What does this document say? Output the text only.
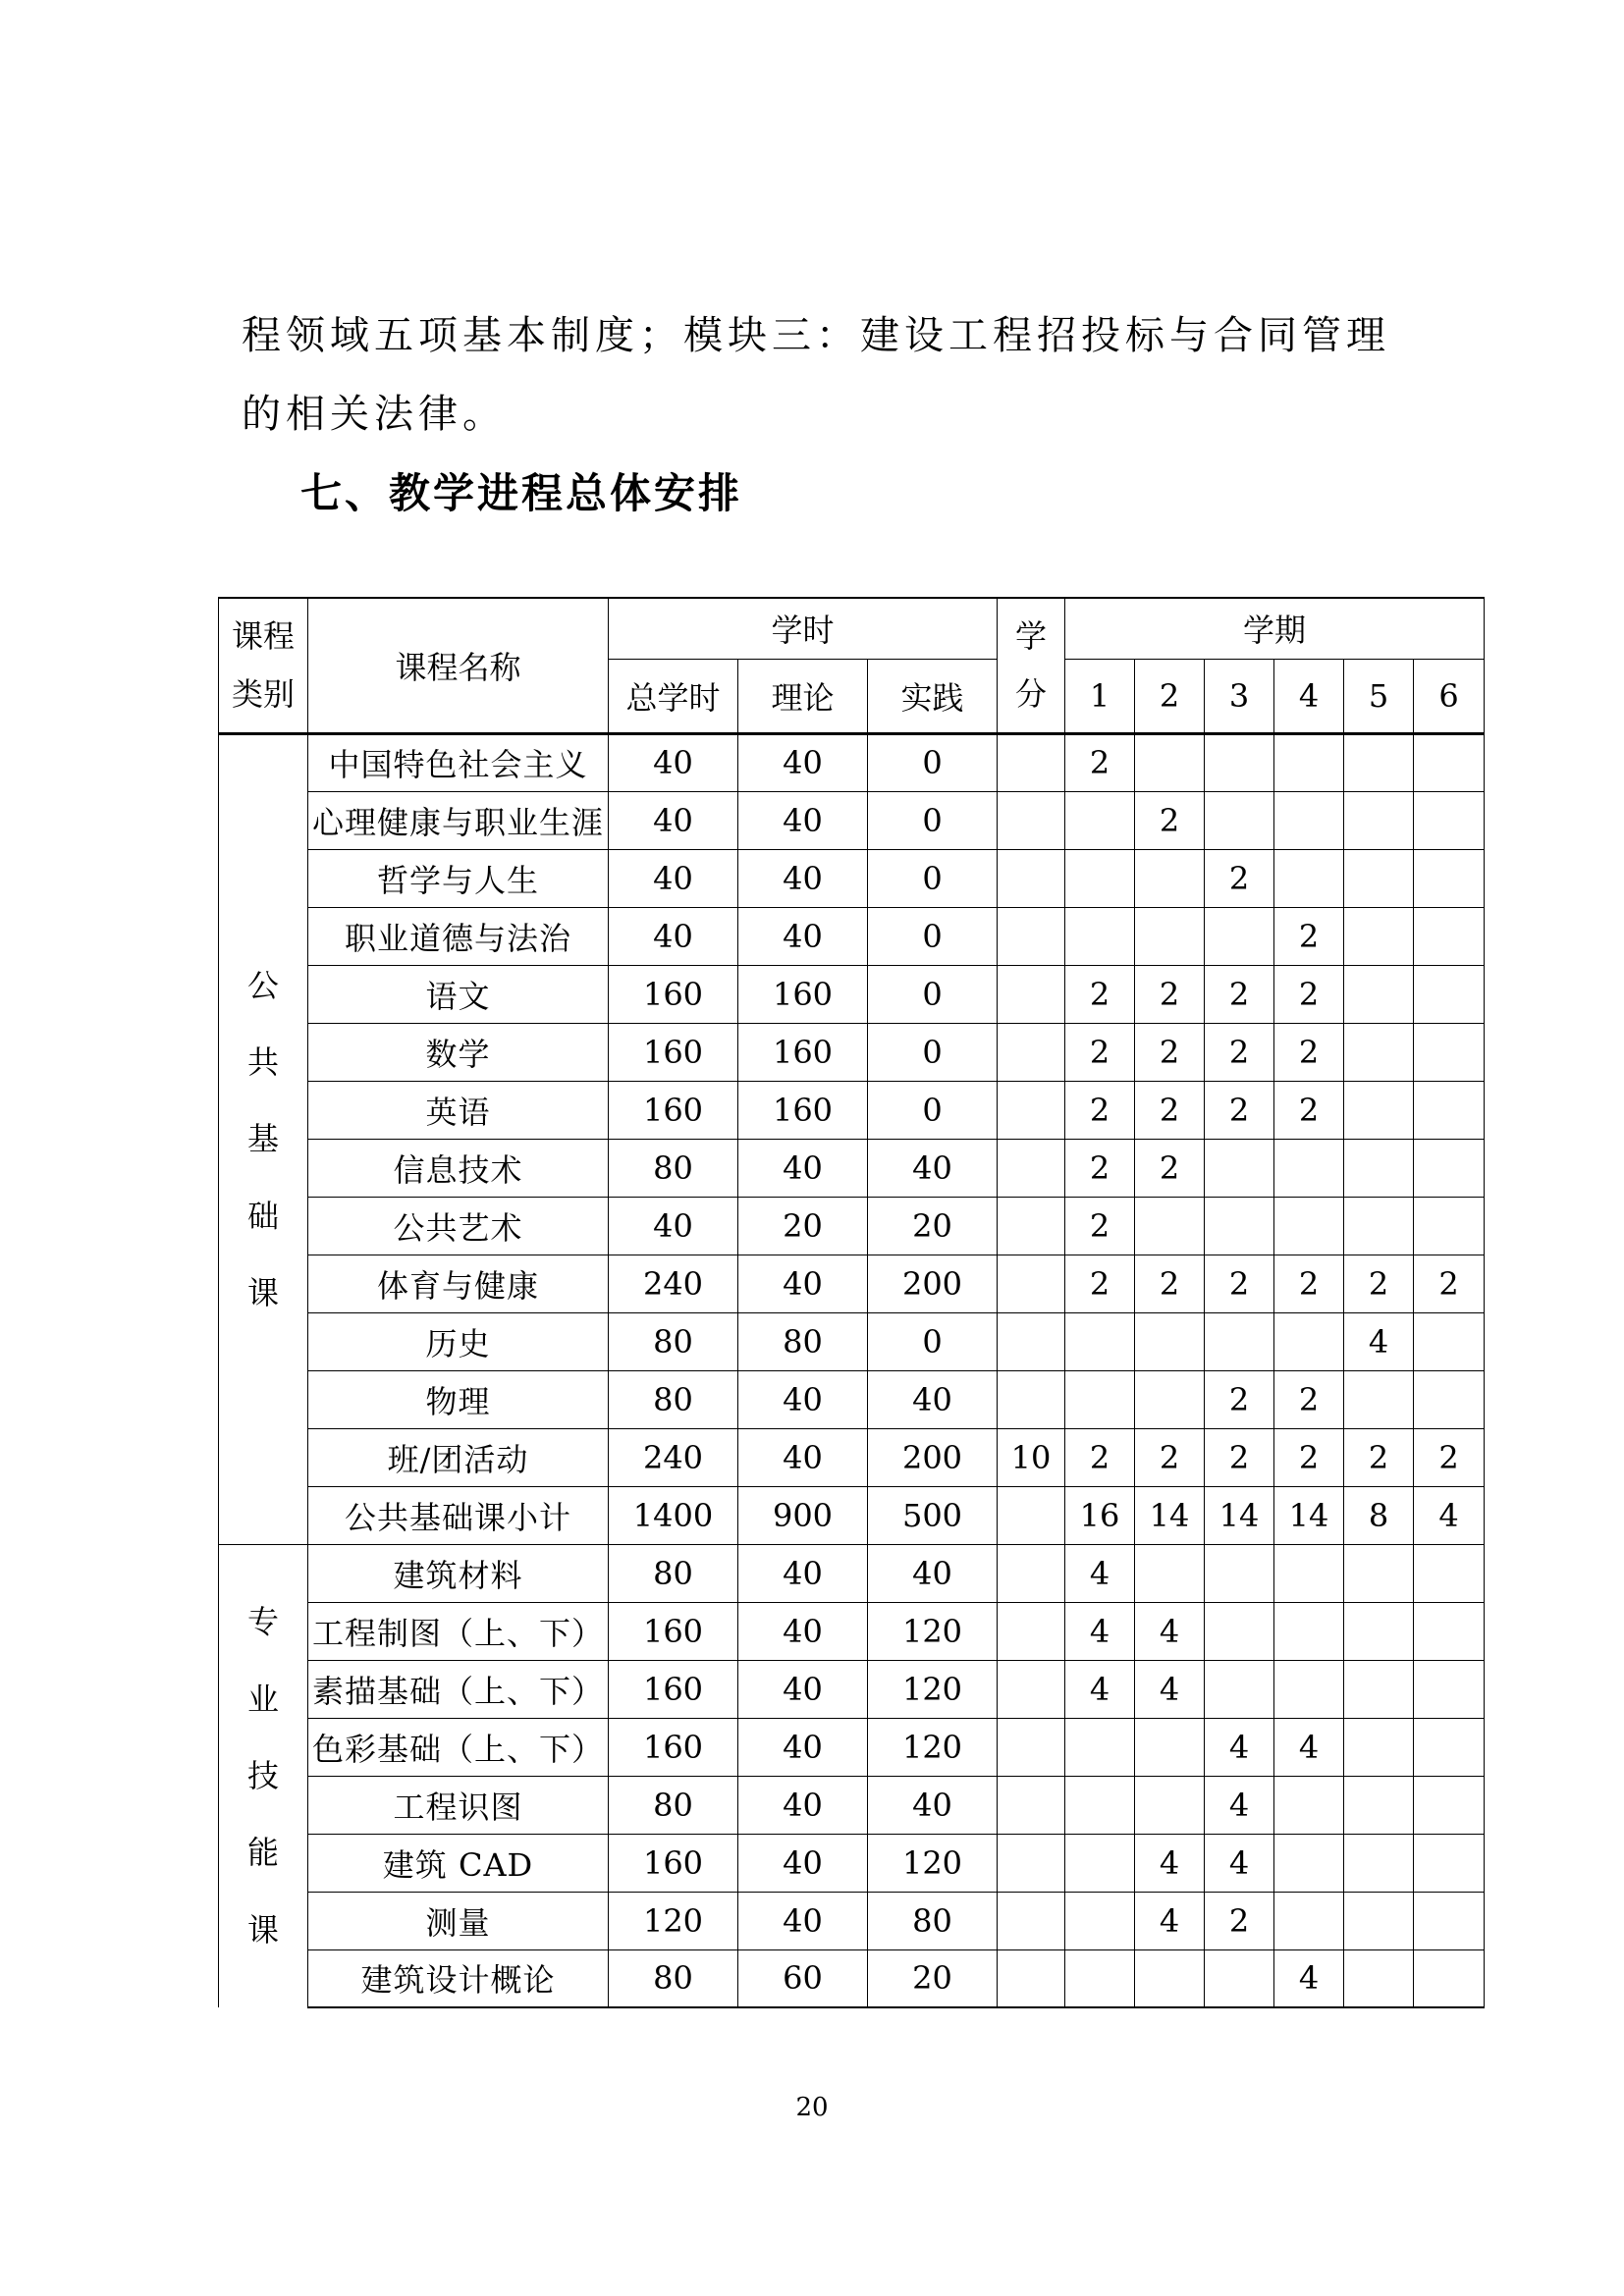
程领域五项基本制度；模块三：建设工程招投标与合同管理
的相关法律。
七、教学进程总体安排
课程类别	课程名称	学时			学分	学期					
		总学时	理论	实践		1	2	3	4	5	6
公共基础课	中国特色社会主义	40	40	0		2					
	心理健康与职业生涯	40	40	0			2				
	哲学与人生	40	40	0				2			
	职业道德与法治	40	40	0					2		
	语文	160	160	0		2	2	2	2		
	数学	160	160	0		2	2	2	2		
	英语	160	160	0		2	2	2	2		
	信息技术	80	40	40		2	2				
	公共艺术	40	20	20		2					
	体育与健康	240	40	200		2	2	2	2	2	2
	历史	80	80	0						4	
	物理	80	40	40				2	2		
	班/团活动	240	40	200	10	2	2	2	2	2	2
	公共基础课小计	1400	900	500		16	14	14	14	8	4
专业技能课	建筑材料	80	40	40		4					
	工程制图（上、下）	160	40	120		4	4				
	素描基础（上、下）	160	40	120		4	4				
	色彩基础（上、下）	160	40	120				4	4		
	工程识图	80	40	40				4			
	建筑 CAD	160	40	120			4	4			
	测量	120	40	80			4	2			
	建筑设计概论	80	60	20					4		
20
